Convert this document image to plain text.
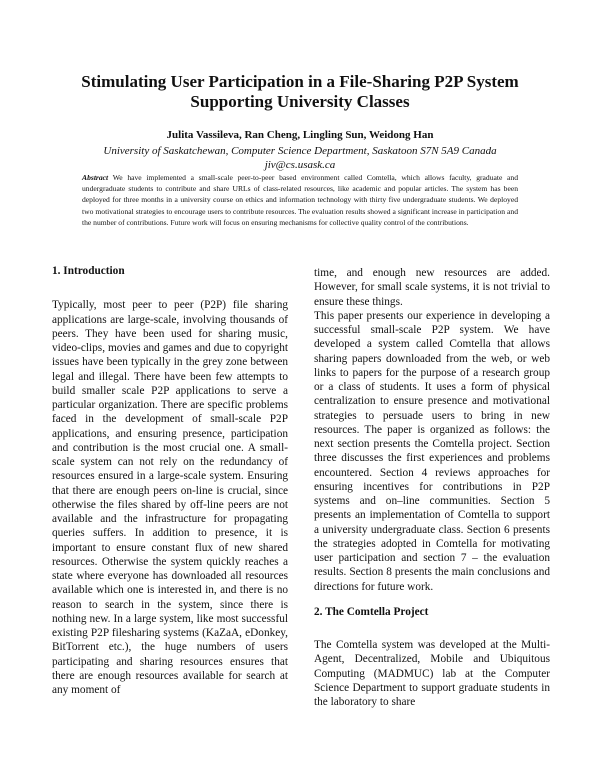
Stimulating User Participation in a File-Sharing P2P System Supporting University Classes
Julita Vassileva, Ran Cheng, Lingling Sun, Weidong Han
University of Saskatchewan, Computer Science Department, Saskatoon S7N 5A9 Canada
jiv@cs.usask.ca
Abstract We have implemented a small-scale peer-to-peer based environment called Comtella, which allows faculty, graduate and undergraduate students to contribute and share URLs of class-related resources, like academic and popular articles. The system has been deployed for three months in a university course on ethics and information technology with thirty five undergraduate students. We deployed two motivational strategies to encourage users to contribute resources. The evaluation results showed a significant increase in participation and the number of contributions. Future work will focus on ensuring mechanisms for collective quality control of the contributions.
1. Introduction

Typically, most peer to peer (P2P) file sharing applications are large-scale, involving thousands of peers. They have been used for sharing music, video-clips, movies and games and due to copyright issues have been typically in the grey zone between legal and illegal. There have been few attempts to build smaller scale P2P applications to serve a particular organization. There are specific problems faced in the development of small-scale P2P applications, and ensuring presence, participation and contribution is the most crucial one. A small-scale system can not rely on the redundancy of resources ensured in a large-scale system. Ensuring that there are enough peers on-line is crucial, since otherwise the files shared by off-line peers are not available and the infrastructure for propagating queries suffers. In addition to presence, it is important to ensure constant flux of new shared resources. Otherwise the system quickly reaches a state where everyone has downloaded all resources available which one is interested in, and there is no reason to search in the system, since there is nothing new. In a large system, like most successful existing P2P filesharing systems (KaZaA, eDonkey, BitTorrent etc.), the huge numbers of users participating and sharing resources ensures that there are enough resources available for search at any moment of

time, and enough new resources are added. However, for small scale systems, it is not trivial to ensure these things.

This paper presents our experience in developing a successful small-scale P2P system. We have developed a system called Comtella that allows sharing papers downloaded from the web, or web links to papers for the purpose of a research group or a class of students. It uses a form of physical centralization to ensure presence and motivational strategies to persuade users to bring in new resources. The paper is organized as follows: the next section presents the Comtella project. Section three discusses the first experiences and problems encountered. Section 4 reviews approaches for ensuring incentives for contributions in P2P systems and on–line communities. Section 5 presents an implementation of Comtella to support a university undergraduate class. Section 6 presents the strategies adopted in Comtella for motivating user participation and section 7 – the evaluation results. Section 8 presents the main conclusions and directions for future work.

2. The Comtella Project

The Comtella system was developed at the Multi-Agent, Decentralized, Mobile and Ubiquitous Computing (MADMUC) lab at the Computer Science Department to support graduate students in the laboratory to share
